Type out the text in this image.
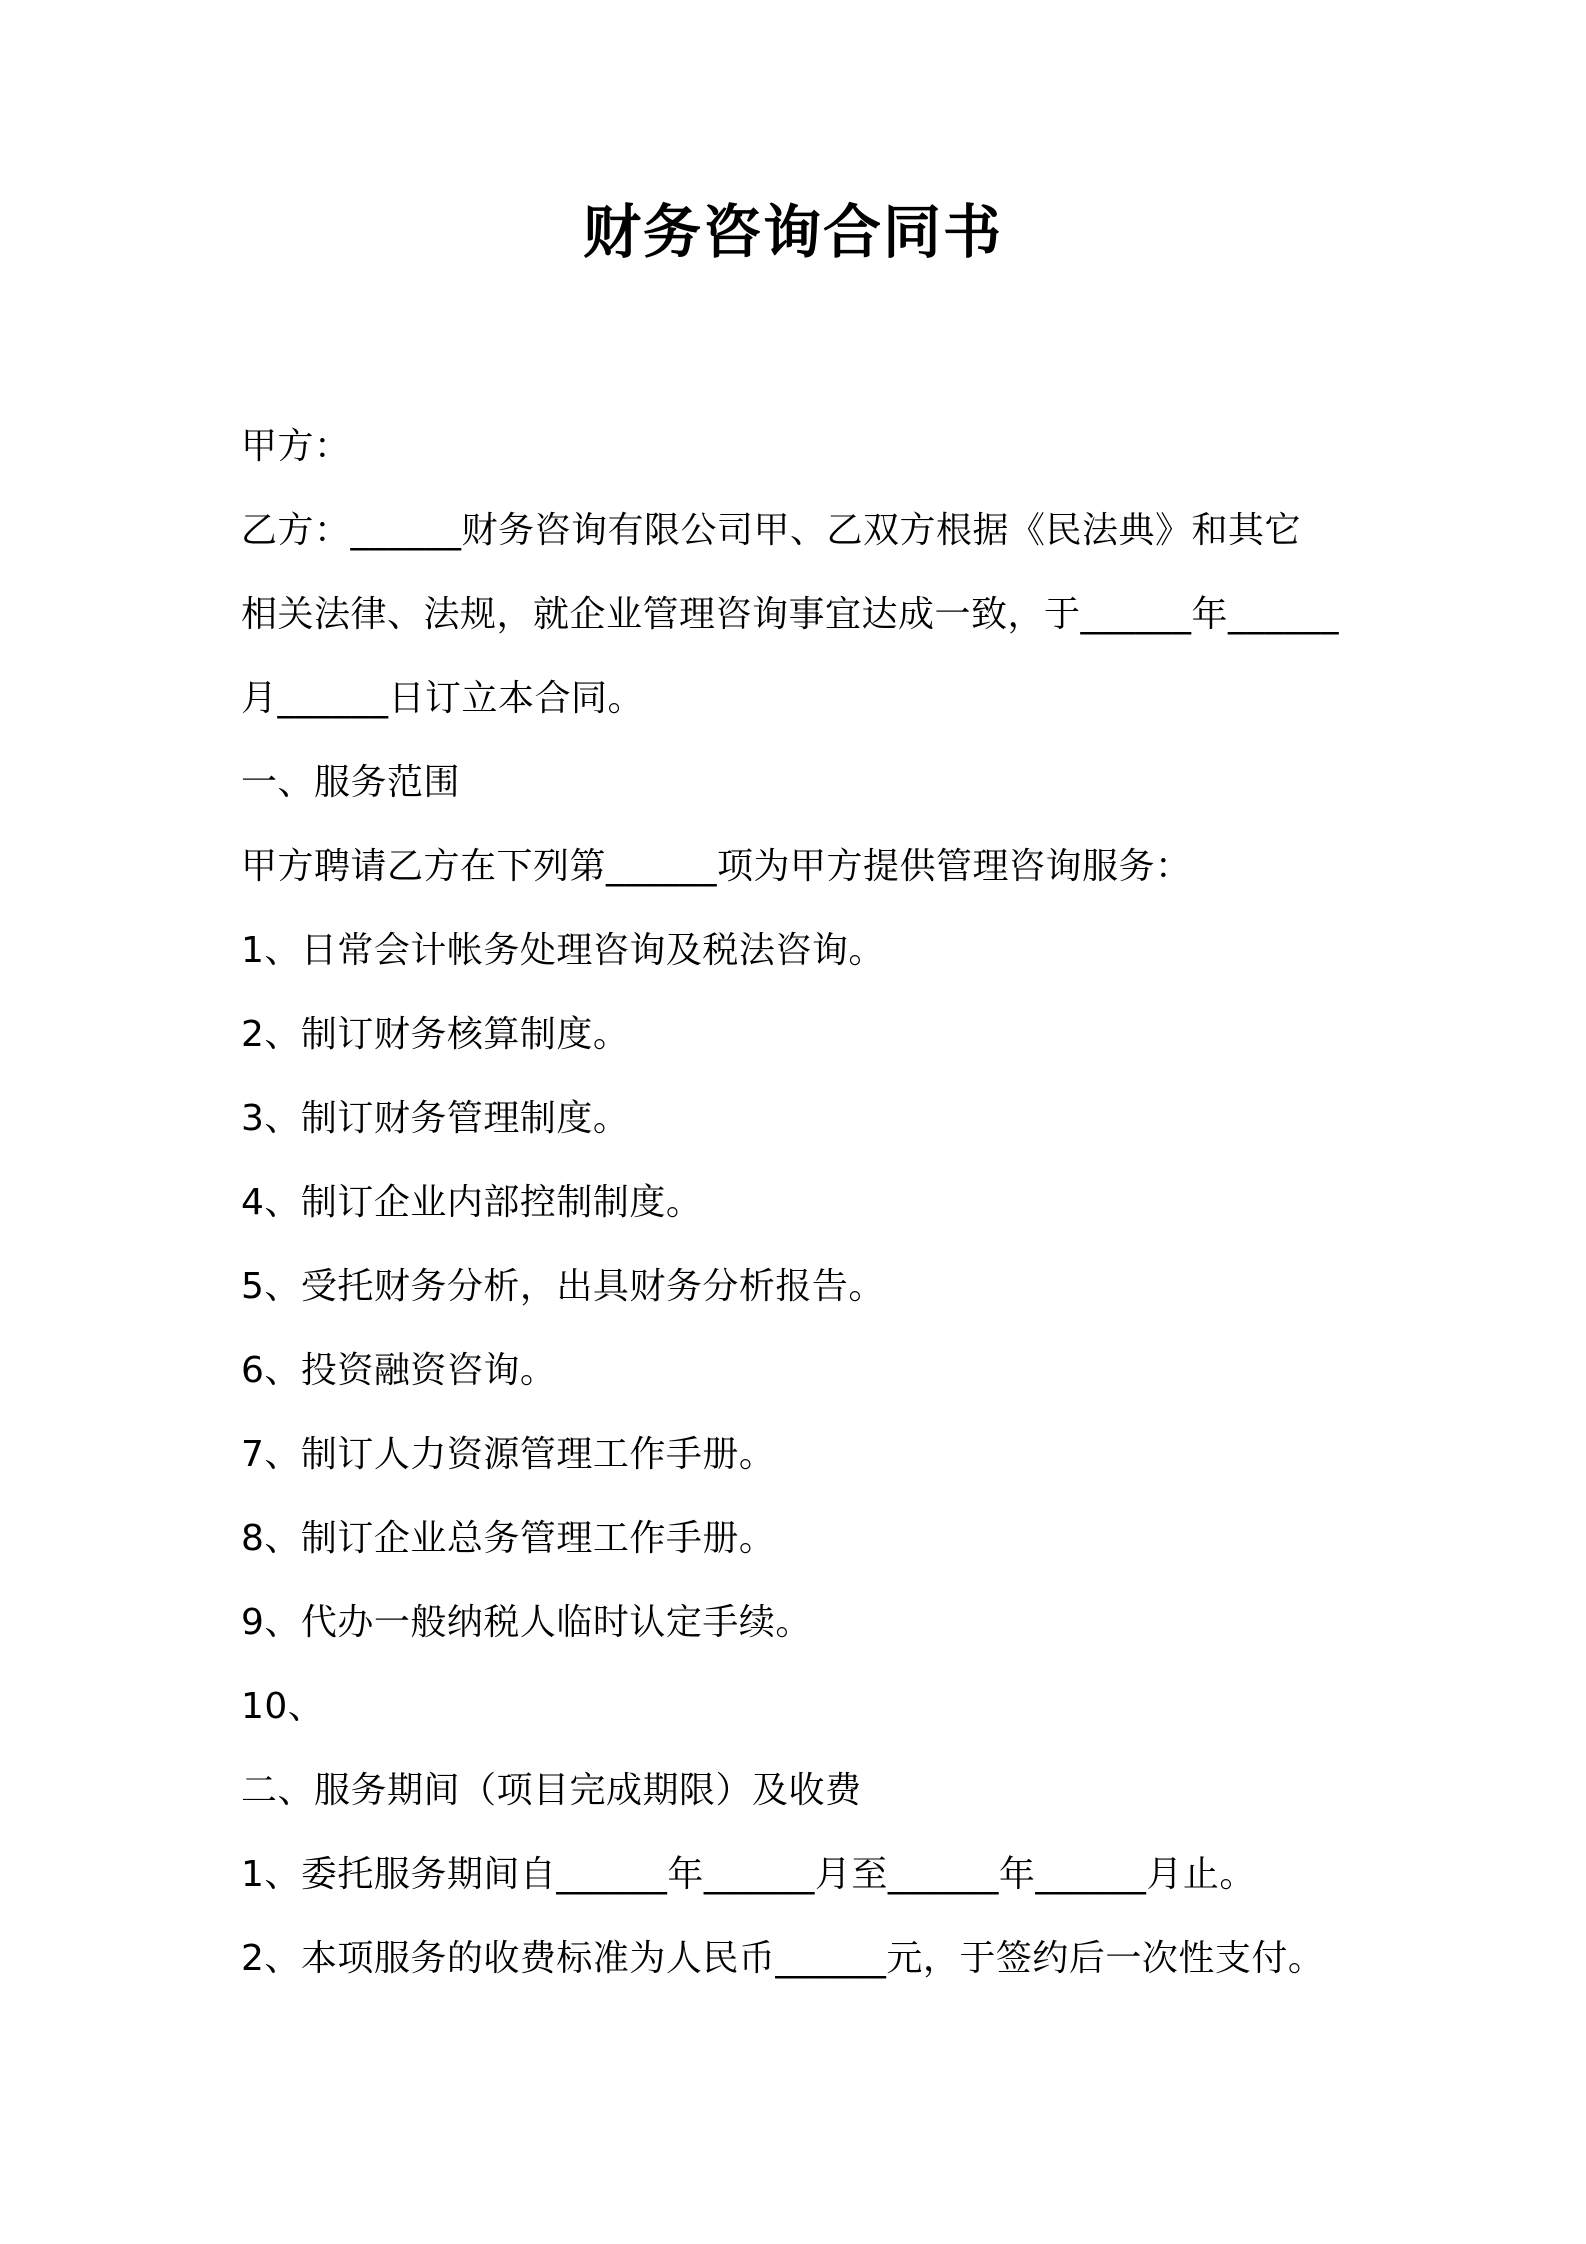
财务咨询合同书
甲方：
乙方：______财务咨询有限公司甲、乙双方根据《民法典》和其它
相关法律、法规，就企业管理咨询事宜达成一致，于______年______
月______日订立本合同。
一、服务范围
甲方聘请乙方在下列第______项为甲方提供管理咨询服务：
1、日常会计帐务处理咨询及税法咨询。
2、制订财务核算制度。
3、制订财务管理制度。
4、制订企业内部控制制度。
5、受托财务分析，出具财务分析报告。
6、投资融资咨询。
7、制订人力资源管理工作手册。
8、制订企业总务管理工作手册。
9、代办一般纳税人临时认定手续。
10、
二、服务期间（项目完成期限）及收费
1、委托服务期间自______年______月至______年______月止。
2、本项服务的收费标准为人民币______元，于签约后一次性支付。
